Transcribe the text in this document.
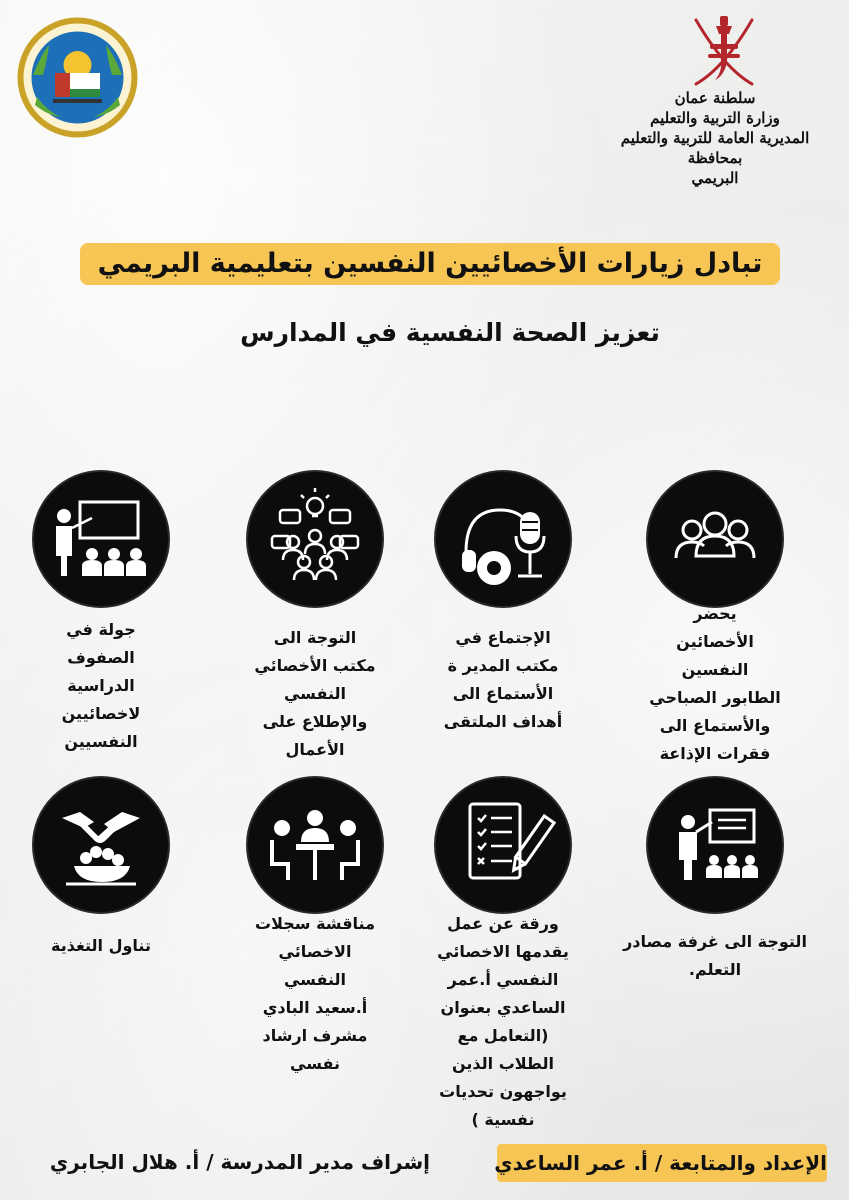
سلطنة عمان
وزارة التربية والتعليم
المديرية العامة للتربية والتعليم
بمحافظة
البريمي
تبادل زيارات الأخصائيين النفسين بتعليمية البريمي
تعزيز الصحة النفسية في المدارس
يحضر
الأخصائين
النفسين
الطابور الصباحي
والأستماع الى
فقرات الإذاعة
الإجتماع في
مكتب المدير ة
الأستماع الى
أهداف الملتقى
التوجة الى
مكتب الأخصائي
النفسي
والإطلاع على
الأعمال
جولة في
الصفوف
الدراسية
لاخصائيين
النفسيين
التوجة الى غرفة مصادر
التعلم.
ورقة عن عمل
يقدمها الاخصائي
النفسي أ.عمر
الساعدي بعنوان
(التعامل مع
الطلاب الذين
يواجهون تحديات
نفسية )
مناقشة سجلات
الاخصائي
النفسي
أ.سعيد البادي
مشرف ارشاد
نفسي
تناول التغذية
الإعداد والمتابعة / أ. عمر الساعدي
إشراف مدير المدرسة / أ. هلال الجابري
